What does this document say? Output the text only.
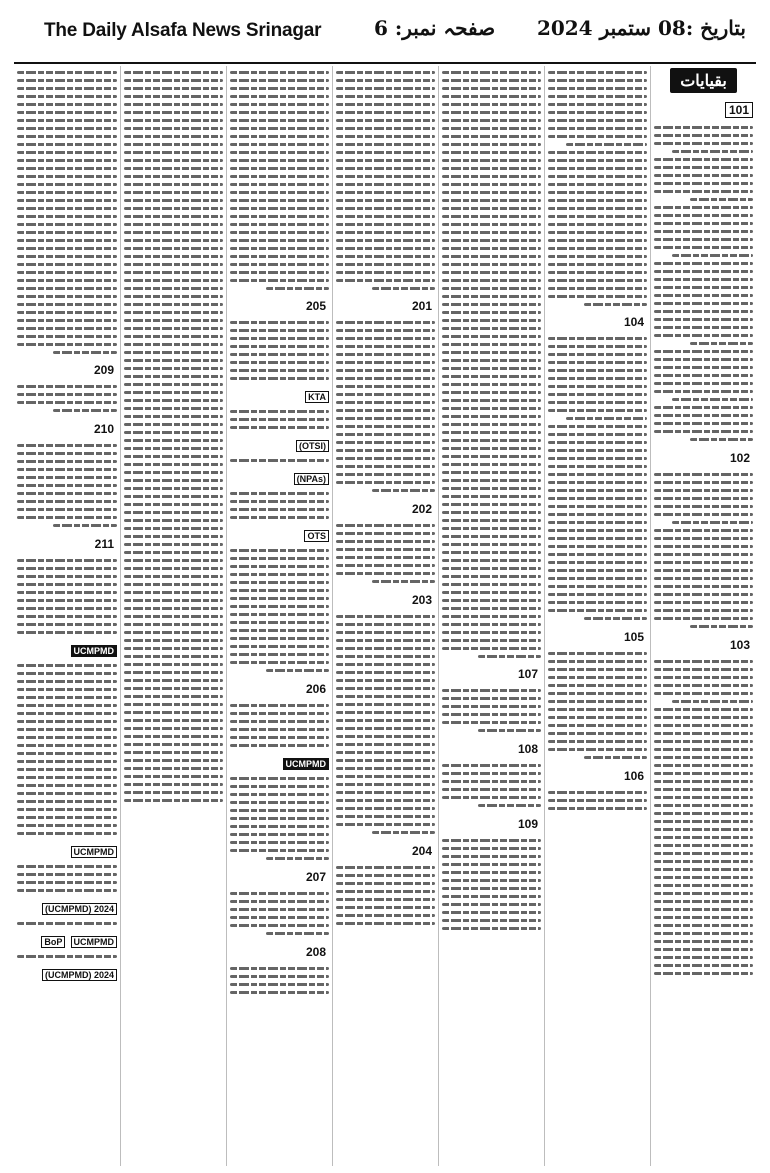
The Daily Alsafa News Srinagar	صفحہ نمبر: 6 بتاریخ :08 ستمبر 2024
بقیایات
101
102
103
104
105
106
107
108
109
201
202
203
204
205
KTA
(OTSI)
(NPAs)
OTS
206
UCMPMD
207
208
209
210
211
UCMPMD
UCMPMD
(UCMPMD) 2024
UCMPMD BoP
(UCMPMD) 2024
